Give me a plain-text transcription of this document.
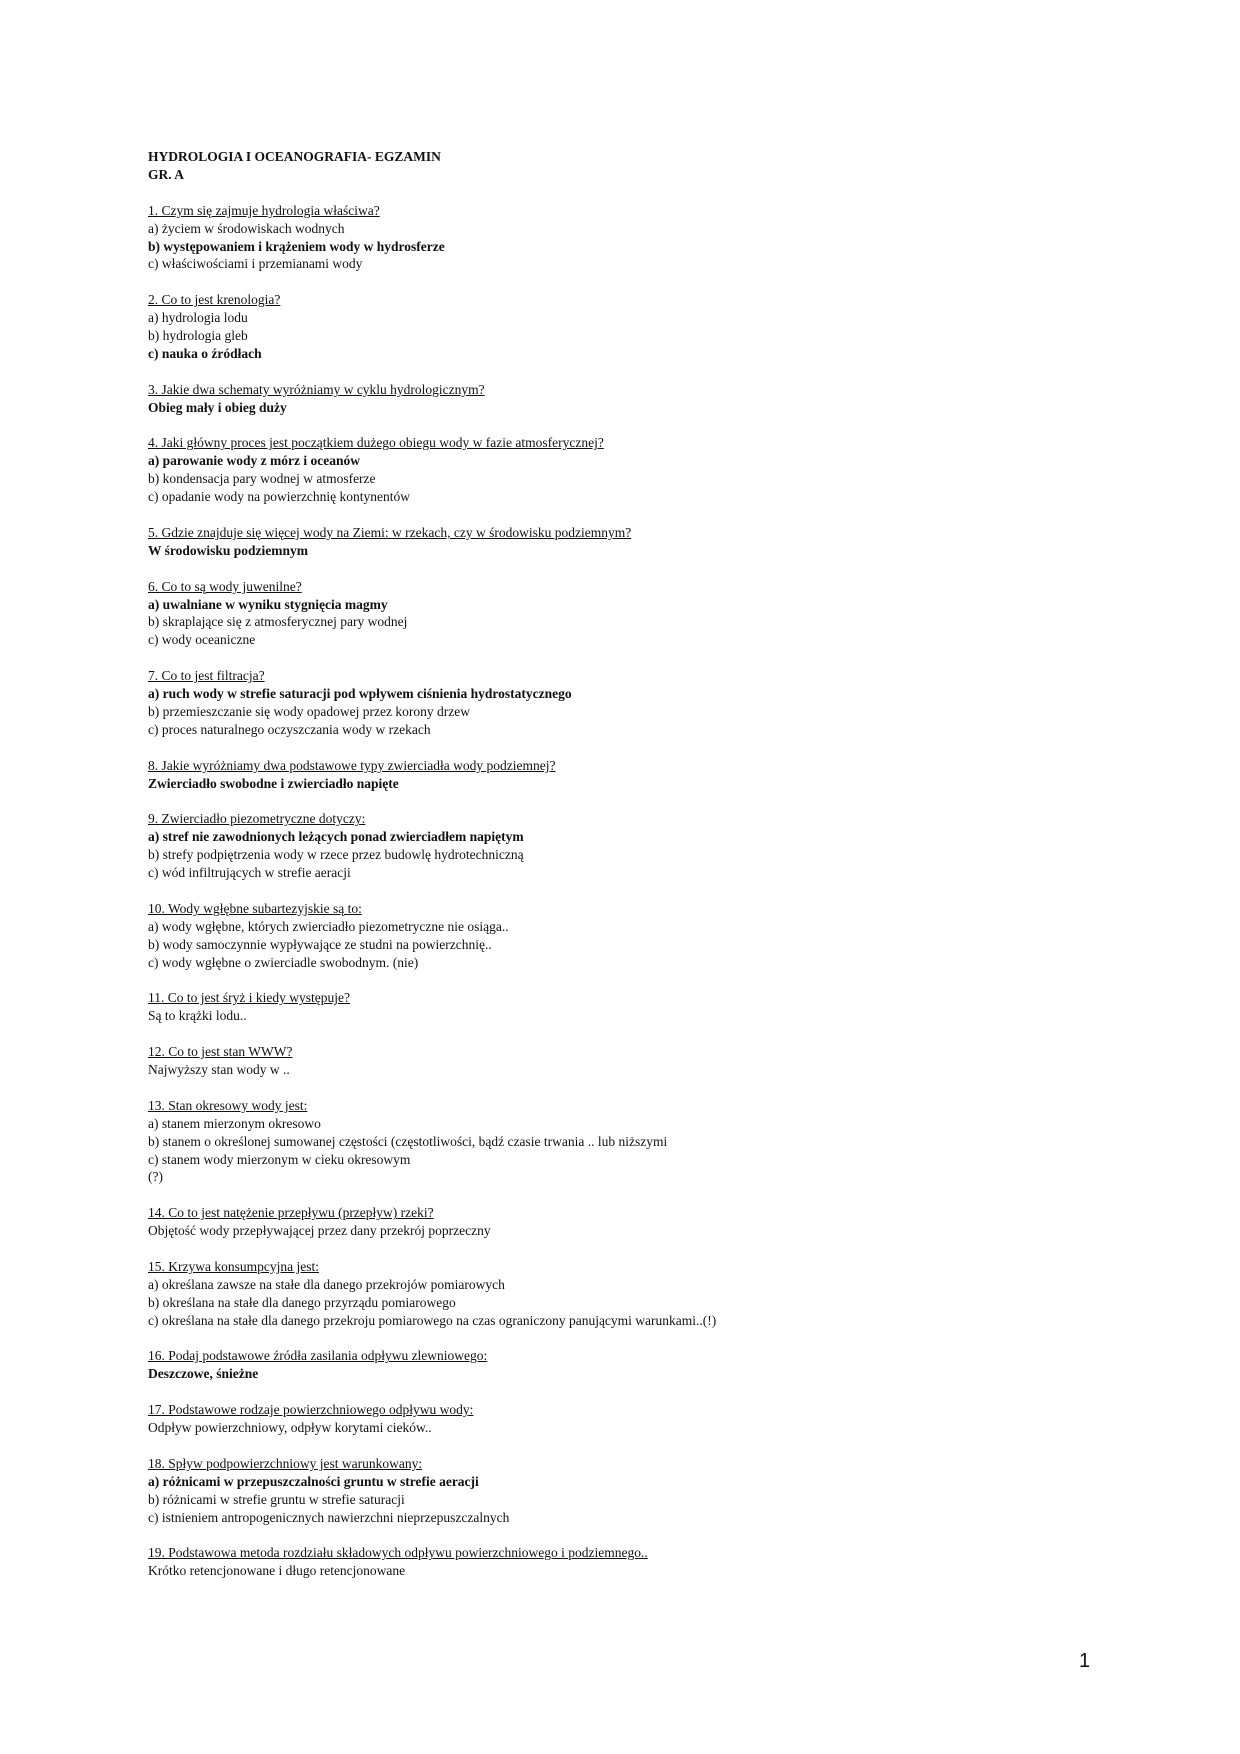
HYDROLOGIA I OCEANOGRAFIA- EGZAMIN

GR. A

1. Czym się zajmuje hydrologia właściwa?

a) życiem w środowiskach wodnych

b) występowaniem i krążeniem wody w hydrosferze

c) właściwościami i przemianami wody

2. Co to jest krenologia?

a) hydrologia lodu

b) hydrologia gleb

c) nauka o źródłach

3. Jakie dwa schematy wyróżniamy w cyklu hydrologicznym?

Obieg mały i obieg duży

4. Jaki główny proces jest początkiem dużego obiegu wody w fazie atmosferycznej?

a) parowanie wody z mórz i oceanów

b) kondensacja pary wodnej w atmosferze

c) opadanie wody na powierzchnię kontynentów

5. Gdzie znajduje się więcej wody na Ziemi: w rzekach, czy w środowisku podziemnym?

W środowisku podziemnym

6. Co to są wody juwenilne?

a) uwalniane w wyniku stygnięcia magmy

b) skraplające się z atmosferycznej pary wodnej

c) wody oceaniczne

7. Co to jest filtracja?

a) ruch wody w strefie saturacji pod wpływem ciśnienia hydrostatycznego

b) przemieszczanie się wody opadowej przez korony drzew

c) proces naturalnego oczyszczania wody w rzekach

8. Jakie wyróżniamy dwa podstawowe typy zwierciadła wody podziemnej?

Zwierciadło swobodne i zwierciadło napięte

9. Zwierciadło piezometryczne dotyczy:

a) stref nie zawodnionych leżących ponad zwierciadłem napiętym

b) strefy podpiętrzenia wody w rzece przez budowlę hydrotechniczną

c) wód infiltrujących w strefie aeracji

10. Wody wgłębne subartezyjskie są to:

a) wody wgłębne, których zwierciadło piezometryczne nie osiąga..

b) wody samoczynnie wypływające ze studni na powierzchnię..

c) wody wgłębne o zwierciadle swobodnym. (nie)

11. Co to jest śryż i kiedy występuje?

Są to krążki lodu..

12. Co to jest stan WWW?

Najwyższy stan wody w ..

13. Stan okresowy wody jest:

a) stanem mierzonym okresowo

b) stanem o określonej sumowanej częstości (częstotliwości, bądź czasie trwania .. lub niższymi

c) stanem wody mierzonym w cieku okresowym

(?)

14. Co to jest natężenie przepływu (przepływ) rzeki?

Objętość wody przepływającej przez dany przekrój poprzeczny

15. Krzywa konsumpcyjna jest:

a) określana zawsze na stałe dla danego przekrojów pomiarowych

b) określana na stałe dla danego przyrządu pomiarowego

c) określana na stałe dla danego przekroju pomiarowego na czas ograniczony panującymi warunkami..(!)

16. Podaj podstawowe źródła zasilania odpływu zlewniowego:

Deszczowe, śnieżne

17. Podstawowe rodzaje powierzchniowego odpływu wody:

Odpływ powierzchniowy, odpływ korytami cieków..

18. Spływ podpowierzchniowy jest warunkowany:

a) różnicami w przepuszczalności gruntu w strefie aeracji

b) różnicami w strefie gruntu w strefie saturacji

c) istnieniem antropogenicznych nawierzchni nieprzepuszczalnych

19. Podstawowa metoda rozdziału składowych odpływu powierzchniowego i podziemnego..

Krótko retencjonowane i długo retencjonowane

1
